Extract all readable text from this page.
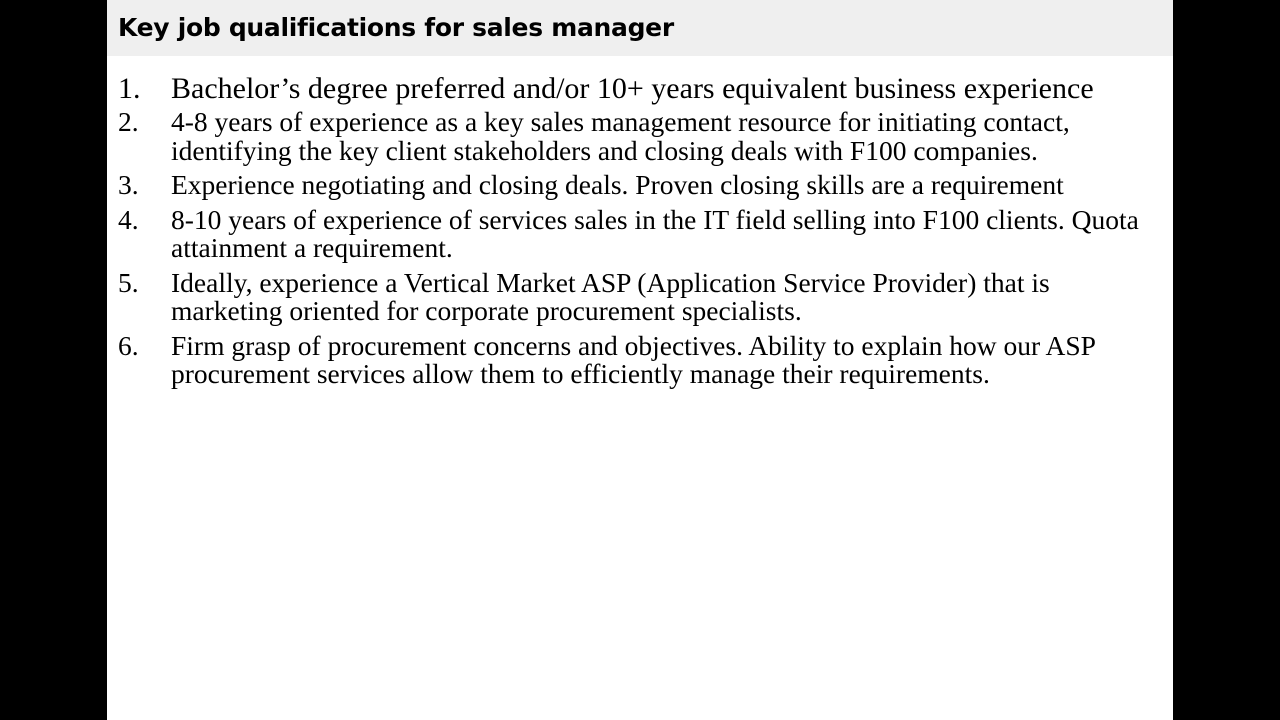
Key job qualifications for sales manager
1. Bachelor’s degree preferred and/or 10+ years equivalent business experience
2. 4-8 years of experience as a key sales management resource for initiating contact, identifying the key client stakeholders and closing deals with F100 companies.
3. Experience negotiating and closing deals. Proven closing skills are a requirement
4. 8-10 years of experience of services sales in the IT field selling into F100 clients. Quota attainment a requirement.
5. Ideally, experience a Vertical Market ASP (Application Service Provider) that is marketing oriented for corporate procurement specialists.
6. Firm grasp of procurement concerns and objectives. Ability to explain how our ASP procurement services allow them to efficiently manage their requirements.
